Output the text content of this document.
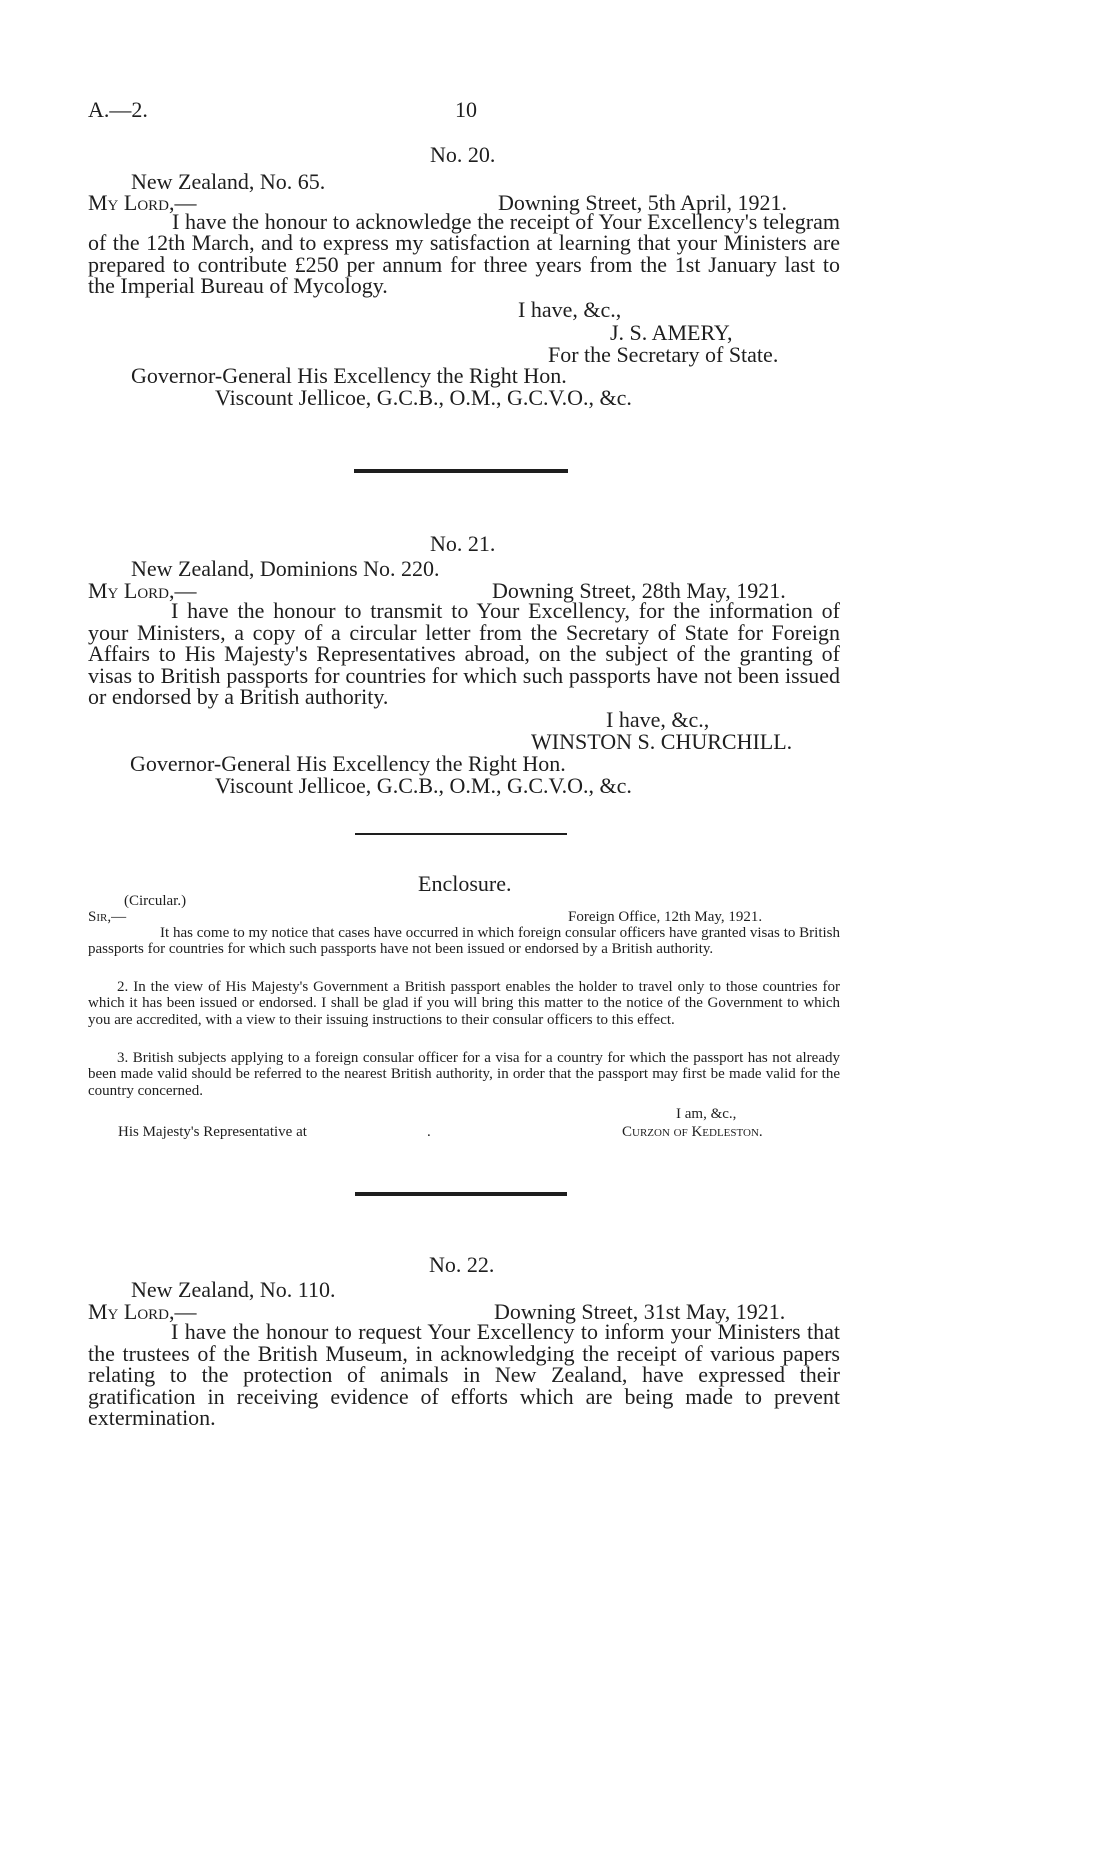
A.—2.	10
No. 20.
New Zealand, No. 65.
My Lord,—	Downing Street, 5th April, 1921.
I have the honour to acknowledge the receipt of Your Excellency's telegram of the 12th March, and to express my satisfaction at learning that your Ministers are prepared to contribute £250 per annum for three years from the 1st January last to the Imperial Bureau of Mycology.
I have, &c.,
J. S. AMERY,
For the Secretary of State.
Governor-General His Excellency the Right Hon.
Viscount Jellicoe, G.C.B., O.M., G.C.V.O., &c.
No. 21.
New Zealand, Dominions No. 220.
My Lord,—	Downing Street, 28th May, 1921.
I have the honour to transmit to Your Excellency, for the information of your Ministers, a copy of a circular letter from the Secretary of State for Foreign Affairs to His Majesty's Representatives abroad, on the subject of the granting of visas to British passports for countries for which such passports have not been issued or endorsed by a British authority.
I have, &c.,
WINSTON S. CHURCHILL.
Governor-General His Excellency the Right Hon.
Viscount Jellicoe, G.C.B., O.M., G.C.V.O., &c.
Enclosure.
(Circular.)
Sir,—	Foreign Office, 12th May, 1921.
It has come to my notice that cases have occurred in which foreign consular officers have granted visas to British passports for countries for which such passports have not been issued or endorsed by a British authority.
2. In the view of His Majesty's Government a British passport enables the holder to travel only to those countries for which it has been issued or endorsed. I shall be glad if you will bring this matter to the notice of the Government to which you are accredited, with a view to their issuing instructions to their consular officers to this effect.
3. British subjects applying to a foreign consular officer for a visa for a country for which the passport has not already been made valid should be referred to the nearest British authority, in order that the passport may first be made valid for the country concerned.
I am, &c.,
His Majesty's Representative at	.	Curzon of Kedleston.
No. 22.
New Zealand, No. 110.
My Lord,—	Downing Street, 31st May, 1921.
I have the honour to request Your Excellency to inform your Ministers that the trustees of the British Museum, in acknowledging the receipt of various papers relating to the protection of animals in New Zealand, have expressed their gratification in receiving evidence of efforts which are being made to prevent extermination.
